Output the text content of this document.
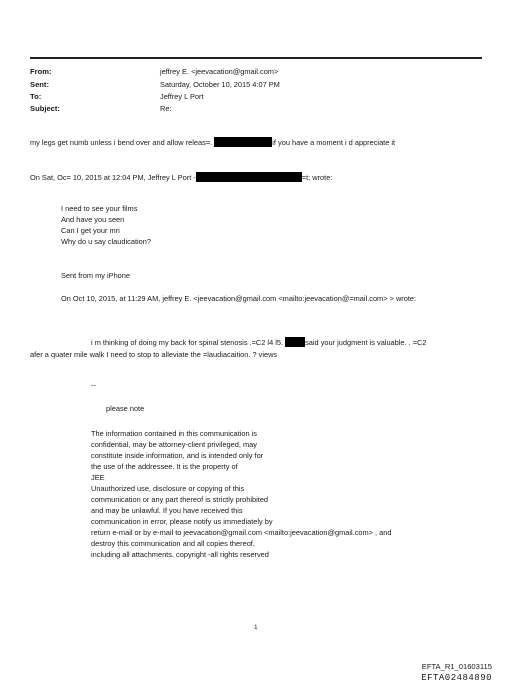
From:	jeffrey E. <jeevacation@gmail.com>
Sent:	Saturday, October 10, 2015 4:07 PM
To:	Jeffrey L Port
Subject:	Re:
my legs get numb unless i bend over and allow releas=.	if you have a moment i d appreciate it
On Sat, Oc= 10, 2015 at 12:04 PM, Jeffrey L Port -	=t; wrote:
I need to see your films
And have you seen
Can I get your mri
Why do u say claudication?
Sent from my iPhone
On Oct 10, 2015, at 11:29 AM, jeffrey E. <jeevacation@gmail.com <mailto:jeevacation@=mail.com> > wrote:
i m thinking of doing my back for spinal stenosis .=C2 l4 l5.	said your judgment is valuable. . =C2
afer a quater mile walk I need to stop to alleviate the =laudiacaition. ? views
--
please note
The information contained in this communication is
confidential, may be attorney-client privileged, may
constitute inside information, and is intended only for
the use of the addressee. It is the property of
JEE
Unauthorized use, disclosure or copying of this
communication or any part thereof is strictly prohibited
and may be unlawful. If you have received this
communication in error, please notify us immediately by
return e-mail or by e-mail to jeevacation@gmail.com <mailto:jeevacation@gmail.com> , and
destroy this communication and all copies thereof,
including all attachments. copyright -all rights reserved
1
EFTA_R1_01603115
EFTA02484890
